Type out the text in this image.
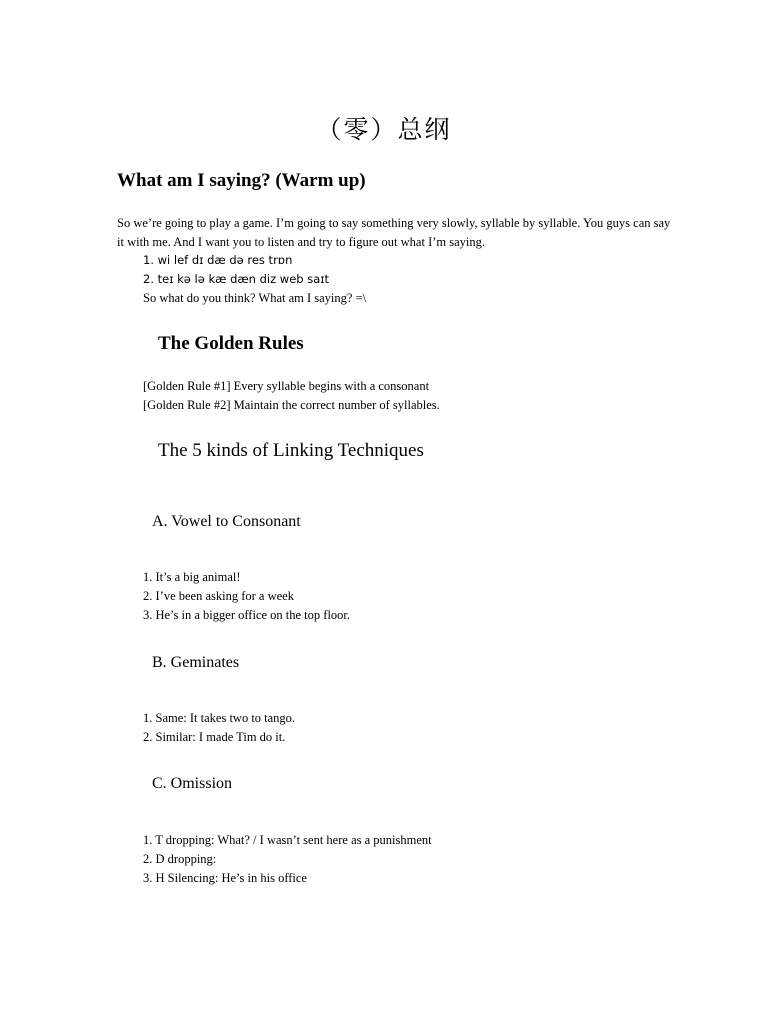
（零）总纲
What am I saying? (Warm up)
So we’re going to play a game. I’m going to say something very slowly, syllable by syllable. You guys can say it with me. And I want you to listen and try to figure out what I’m saying.
1. wi lef dɪ dæ də res trɒn
2. teɪ kə lə kæ dæn diz web saɪt
So what do you think? What am I saying? =\
The Golden Rules
[Golden Rule #1] Every syllable begins with a consonant
[Golden Rule #2] Maintain the correct number of syllables.
The 5 kinds of Linking Techniques
A. Vowel to Consonant
1. It’s a big animal!
2. I’ve been asking for a week
3. He’s in a bigger office on the top floor.
B. Geminates
1. Same: It takes two to tango.
2. Similar: I made Tim do it.
C. Omission
1. T dropping: What? / I wasn’t sent here as a punishment
2. D dropping:
3. H Silencing: He’s in his office
